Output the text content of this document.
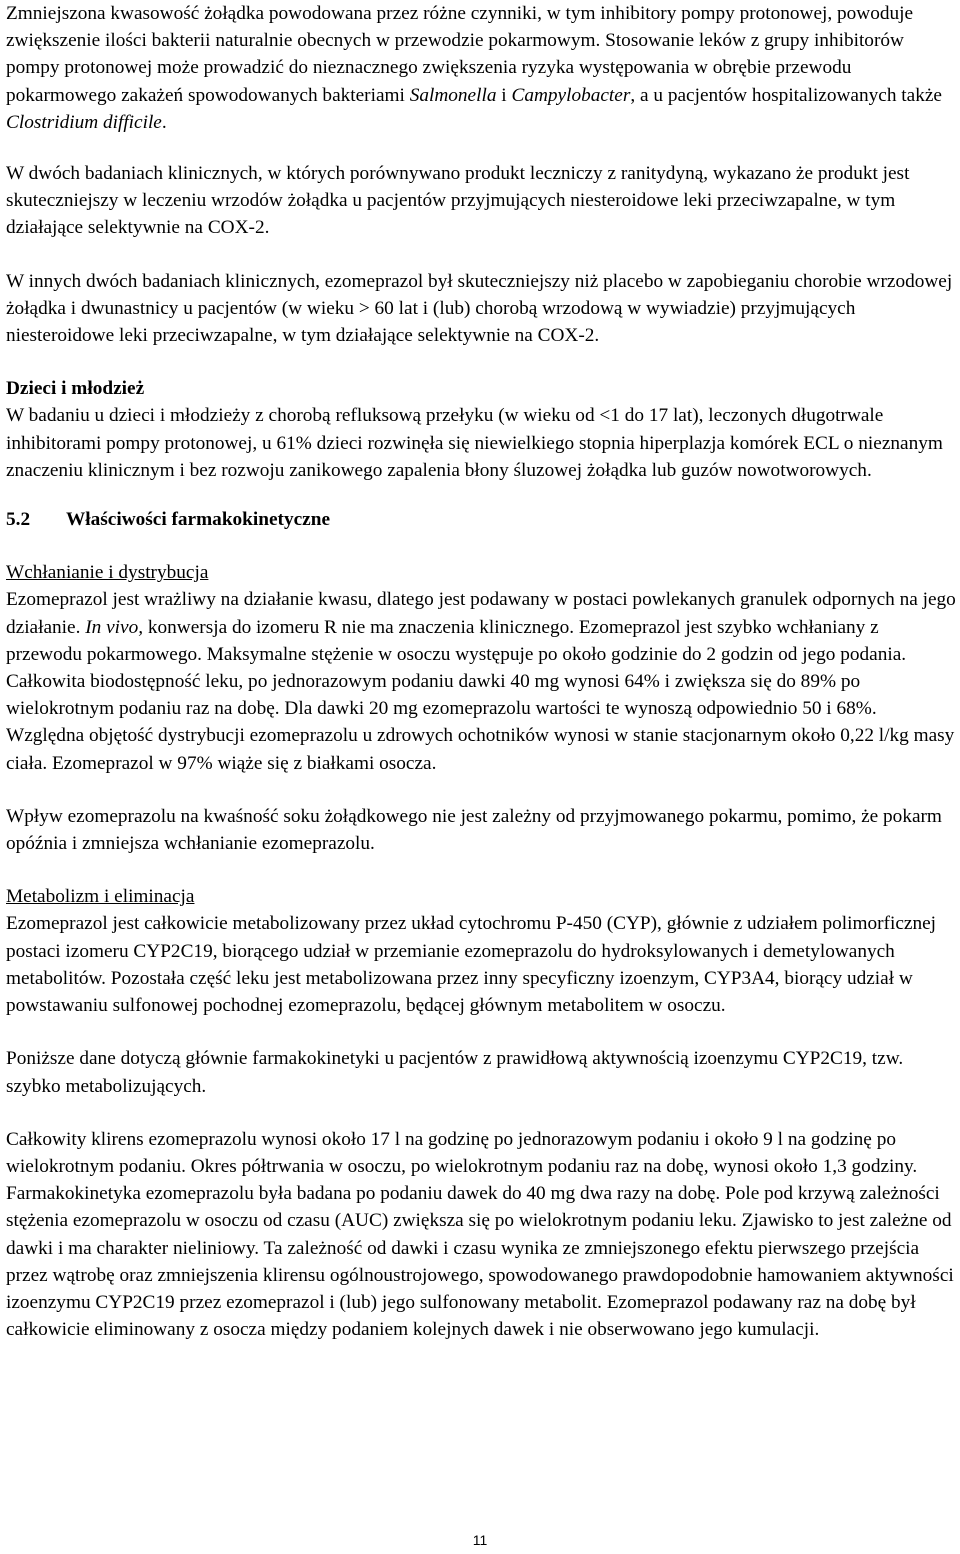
Zmniejszona kwasowość żołądka powodowana przez różne czynniki, w tym inhibitory pompy protonowej, powoduje zwiększenie ilości bakterii naturalnie obecnych w przewodzie pokarmowym. Stosowanie leków z grupy inhibitorów pompy protonowej może prowadzić do nieznacznego zwiększenia ryzyka występowania w obrębie przewodu pokarmowego zakażeń spowodowanych bakteriami Salmonella i Campylobacter, a u pacjentów hospitalizowanych także Clostridium difficile.

W dwóch badaniach klinicznych, w których porównywano produkt leczniczy z ranitydyną, wykazano że produkt jest skuteczniejszy w leczeniu wrzodów żołądka u pacjentów przyjmujących niesteroidowe leki przeciwzapalne, w tym działające selektywnie na COX-2.

W innych dwóch badaniach klinicznych, ezomeprazol był skuteczniejszy niż placebo w zapobieganiu chorobie wrzodowej żołądka i dwunastnicy u pacjentów (w wieku > 60 lat i (lub) chorobą wrzodową w wywiadzie) przyjmujących niesteroidowe leki przeciwzapalne, w tym działające selektywnie na COX-2.

Dzieci i młodzież

W badaniu u dzieci i młodzieży z chorobą refluksową przełyku (w wieku od <1 do 17 lat), leczonych długotrwale inhibitorami pompy protonowej, u 61% dzieci rozwinęła się niewielkiego stopnia hiperplazja komórek ECL o nieznanym znaczeniu klinicznym i bez rozwoju zanikowego zapalenia błony śluzowej żołądka lub guzów nowotworowych.

5.2 Właściwości farmakokinetyczne

Wchłanianie i dystrybucja

Ezomeprazol jest wrażliwy na działanie kwasu, dlatego jest podawany w postaci powlekanych granulek odpornych na jego działanie. In vivo, konwersja do izomeru R nie ma znaczenia klinicznego. Ezomeprazol jest szybko wchłaniany z przewodu pokarmowego. Maksymalne stężenie w osoczu występuje po około godzinie do 2 godzin od jego podania. Całkowita biodostępność leku, po jednorazowym podaniu dawki 40 mg wynosi 64% i zwiększa się do 89% po wielokrotnym podaniu raz na dobę. Dla dawki 20 mg ezomeprazolu wartości te wynoszą odpowiednio 50 i 68%. Względna objętość dystrybucji ezomeprazolu u zdrowych ochotników wynosi w stanie stacjonarnym około 0,22 l/kg masy ciała. Ezomeprazol w 97% wiąże się z białkami osocza.

Wpływ ezomeprazolu na kwaśność soku żołądkowego nie jest zależny od przyjmowanego pokarmu, pomimo, że pokarm opóźnia i zmniejsza wchłanianie ezomeprazolu.

Metabolizm i eliminacja

Ezomeprazol jest całkowicie metabolizowany przez układ cytochromu P-450 (CYP), głównie z udziałem polimorficznej postaci izomeru CYP2C19, biorącego udział w przemianie ezomeprazolu do hydroksylowanych i demetylowanych metabolitów. Pozostała część leku jest metabolizowana przez inny specyficzny izoenzym, CYP3A4, biorący udział w powstawaniu sulfonowej pochodnej ezomeprazolu, będącej głównym metabolitem w osoczu.

Poniższe dane dotyczą głównie farmakokinetyki u pacjentów z prawidłową aktywnością izoenzymu CYP2C19, tzw. szybko metabolizujących.

Całkowity klirens ezomeprazolu wynosi około 17 l na godzinę po jednorazowym podaniu i około 9 l na godzinę po wielokrotnym podaniu. Okres półtrwania w osoczu, po wielokrotnym podaniu raz na dobę, wynosi około 1,3 godziny. Farmakokinetyka ezomeprazolu była badana po podaniu dawek do 40 mg dwa razy na dobę. Pole pod krzywą zależności stężenia ezomeprazolu w osoczu od czasu (AUC) zwiększa się po wielokrotnym podaniu leku. Zjawisko to jest zależne od dawki i ma charakter nieliniowy. Ta zależność od dawki i czasu wynika ze zmniejszonego efektu pierwszego przejścia przez wątrobę oraz zmniejszenia klirensu ogólnoustrojowego, spowodowanego prawdopodobnie hamowaniem aktywności izoenzymu CYP2C19 przez ezomeprazol i (lub) jego sulfonowany metabolit. Ezomeprazol podawany raz na dobę był całkowicie eliminowany z osocza między podaniem kolejnych dawek i nie obserwowano jego kumulacji.

11
